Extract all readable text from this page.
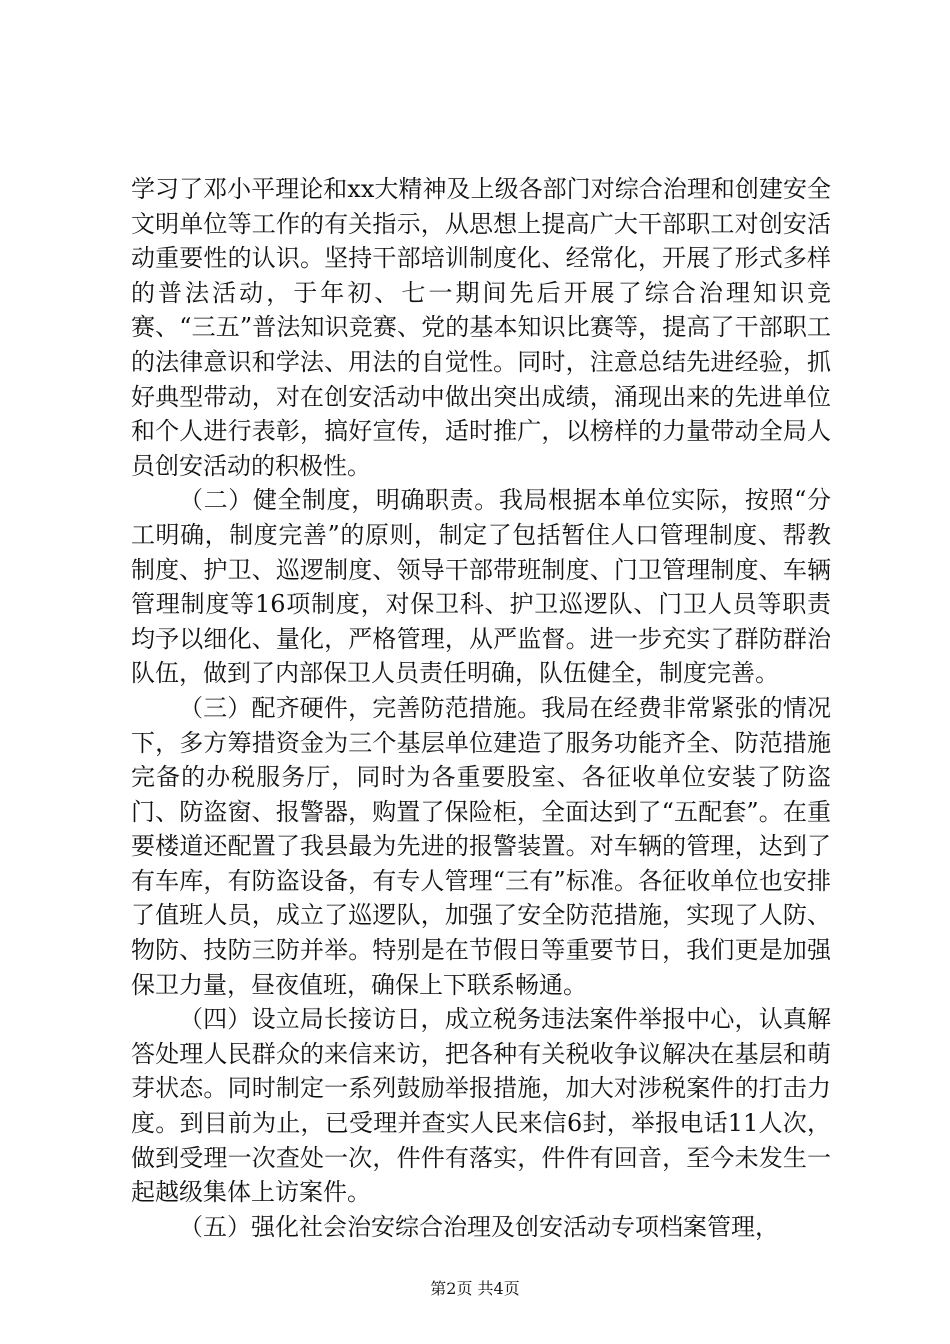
学习了邓小平理论和xx大精神及上级各部门对综合治理和创建安全文明单位等工作的有关指示，从思想上提高广大干部职工对创安活动重要性的认识。坚持干部培训制度化、经常化，开展了形式多样的普法活动，于年初、七一期间先后开展了综合治理知识竞赛、“三五”普法知识竞赛、党的基本知识比赛等，提高了干部职工的法律意识和学法、用法的自觉性。同时，注意总结先进经验，抓好典型带动，对在创安活动中做出突出成绩，涌现出来的先进单位和个人进行表彰，搞好宣传，适时推广，以榜样的力量带动全局人员创安活动的积极性。

（二）健全制度，明确职责。我局根据本单位实际，按照“分工明确，制度完善”的原则，制定了包括暂住人口管理制度、帮教制度、护卫、巡逻制度、领导干部带班制度、门卫管理制度、车辆管理制度等16项制度，对保卫科、护卫巡逻队、门卫人员等职责均予以细化、量化，严格管理，从严监督。进一步充实了群防群治队伍，做到了内部保卫人员责任明确，队伍健全，制度完善。

（三）配齐硬件，完善防范措施。我局在经费非常紧张的情况下，多方筹措资金为三个基层单位建造了服务功能齐全、防范措施完备的办税服务厅，同时为各重要股室、各征收单位安装了防盗门、防盗窗、报警器，购置了保险柜，全面达到了“五配套”。在重要楼道还配置了我县最为先进的报警装置。对车辆的管理，达到了有车库，有防盗设备，有专人管理“三有”标准。各征收单位也安排了值班人员，成立了巡逻队，加强了安全防范措施，实现了人防、物防、技防三防并举。特别是在节假日等重要节日，我们更是加强保卫力量，昼夜值班，确保上下联系畅通。

（四）设立局长接访日，成立税务违法案件举报中心，认真解答处理人民群众的来信来访，把各种有关税收争议解决在基层和萌芽状态。同时制定一系列鼓励举报措施，加大对涉税案件的打击力度。到目前为止，已受理并查实人民来信6封，举报电话11人次，做到受理一次查处一次，件件有落实，件件有回音，至今未发生一起越级集体上访案件。

（五）强化社会治安综合治理及创安活动专项档案管理，

第2页 共4页
